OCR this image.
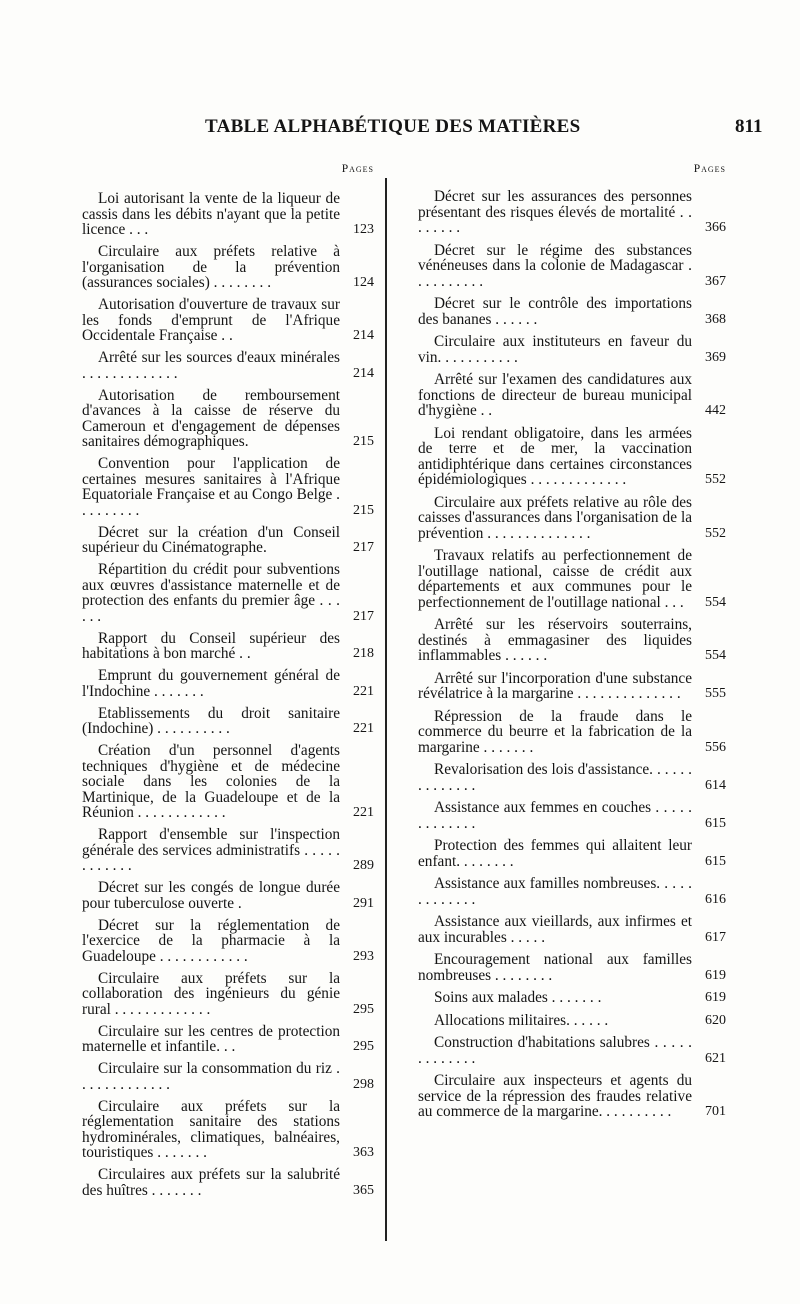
TABLE ALPHABÉTIQUE DES MATIÈRES	811
Pages
Loi autorisant la vente de la liqueur de cassis dans les débits n'ayant que la petite licence . . .	123
Circulaire aux préfets relative à l'organisation de la prévention (assurances sociales) . . . . . . . .	124
Autorisation d'ouverture de travaux sur les fonds d'emprunt de l'Afrique Occidentale Française . .	214
Arrêté sur les sources d'eaux minérales . . . . . . . . . . . . .	214
Autorisation de remboursement d'avances à la caisse de réserve du Cameroun et d'engagement de dépenses sanitaires démographiques.	215
Convention pour l'application de certaines mesures sanitaires à l'Afrique Equatoriale Française et au Congo Belge . . . . . . . . .	215
Décret sur la création d'un Conseil supérieur du Cinématographe.	217
Répartition du crédit pour subventions aux œuvres d'assistance maternelle et de protection des enfants du premier âge . . . . . .	217
Rapport du Conseil supérieur des habitations à bon marché . .	218
Emprunt du gouvernement général de l'Indochine . . . . . . .	221
Etablissements du droit sanitaire (Indochine) . . . . . . . . . .	221
Création d'un personnel d'agents techniques d'hygiène et de médecine sociale dans les colonies de la Martinique, de la Guadeloupe et de la Réunion . . . . . . . . . . . .	221
Rapport d'ensemble sur l'inspection générale des services administratifs . . . . . . . . . . . .	289
Décret sur les congés de longue durée pour tuberculose ouverte .	291
Décret sur la réglementation de l'exercice de la pharmacie à la Guadeloupe . . . . . . . . . . . .	293
Circulaire aux préfets sur la collaboration des ingénieurs du génie rural . . . . . . . . . . . . .	295
Circulaire sur les centres de protection maternelle et infantile. . .	295
Circulaire sur la consommation du riz . . . . . . . . . . . . .	298
Circulaire aux préfets sur la réglementation sanitaire des stations hydrominérales, climatiques, balnéaires, touristiques . . . . . . .	363
Circulaires aux préfets sur la salubrité des huîtres . . . . . . .	365
Pages
Décret sur les assurances des personnes présentant des risques élevés de mortalité . . . . . . . .	366
Décret sur le régime des substances vénéneuses dans la colonie de Madagascar . . . . . . . . . .	367
Décret sur le contrôle des importations des bananes . . . . . .	368
Circulaire aux instituteurs en faveur du vin. . . . . . . . . . .	369
Arrêté sur l'examen des candidatures aux fonctions de directeur de bureau municipal d'hygiène . .	442
Loi rendant obligatoire, dans les armées de terre et de mer, la vaccination antidiphtérique dans certaines circonstances épidémiologiques . . . . . . . . . . . . .	552
Circulaire aux préfets relative au rôle des caisses d'assurances dans l'organisation de la prévention . . . . . . . . . . . . . .	552
Travaux relatifs au perfectionnement de l'outillage national, caisse de crédit aux départements et aux communes pour le perfectionnement de l'outillage national . . .	554
Arrêté sur les réservoirs souterrains, destinés à emmagasiner des liquides inflammables . . . . . .	554
Arrêté sur l'incorporation d'une substance révélatrice à la margarine . . . . . . . . . . . . . .	555
Répression de la fraude dans le commerce du beurre et la fabrication de la margarine . . . . . . .	556
Revalorisation des lois d'assistance. . . . . . . . . . . . . .	614
Assistance aux femmes en couches . . . . . . . . . . . . .	615
Protection des femmes qui allaitent leur enfant. . . . . . . .	615
Assistance aux familles nombreuses. . . . . . . . . . . . .	616
Assistance aux vieillards, aux infirmes et aux incurables . . . . .	617
Encouragement national aux familles nombreuses . . . . . . . .	619
Soins aux malades . . . . . . .	619
Allocations militaires. . . . . .	620
Construction d'habitations salubres . . . . . . . . . . . . .	621
Circulaire aux inspecteurs et agents du service de la répression des fraudes relative au commerce de la margarine. . . . . . . . . .	701
